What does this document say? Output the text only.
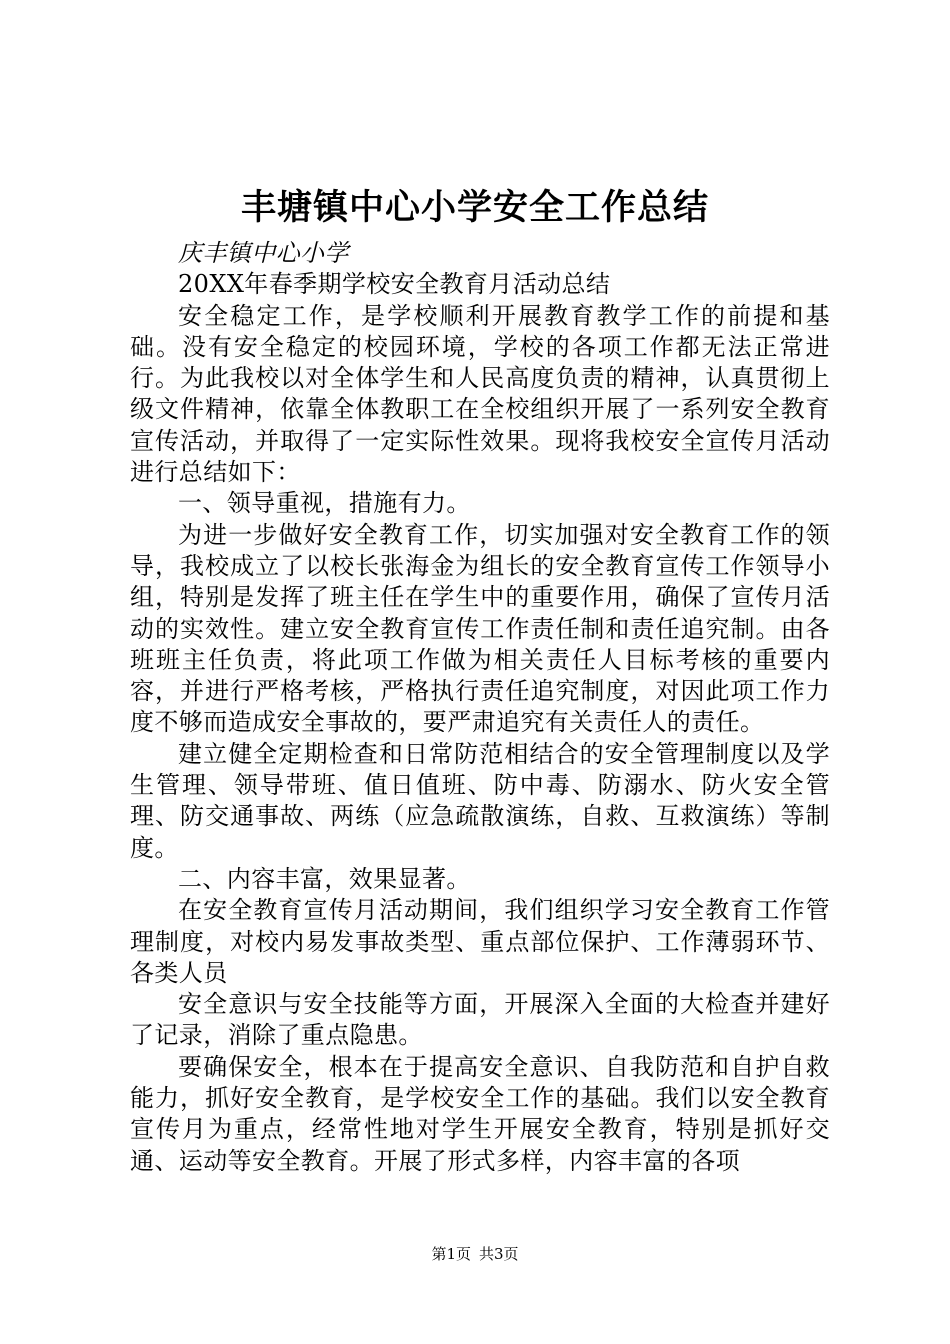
丰塘镇中心小学安全工作总结

庆丰镇中心小学

20XX年春季期学校安全教育月活动总结

安全稳定工作，是学校顺利开展教育教学工作的前提和基础。没有安全稳定的校园环境，学校的各项工作都无法正常进行。为此我校以对全体学生和人民高度负责的精神，认真贯彻上级文件精神，依靠全体教职工在全校组织开展了一系列安全教育宣传活动，并取得了一定实际性效果。现将我校安全宣传月活动进行总结如下：

一、领导重视，措施有力。

为进一步做好安全教育工作，切实加强对安全教育工作的领导，我校成立了以校长张海金为组长的安全教育宣传工作领导小组，特别是发挥了班主任在学生中的重要作用，确保了宣传月活动的实效性。建立安全教育宣传工作责任制和责任追究制。由各班班主任负责，将此项工作做为相关责任人目标考核的重要内容，并进行严格考核，严格执行责任追究制度，对因此项工作力度不够而造成安全事故的，要严肃追究有关责任人的责任。

建立健全定期检查和日常防范相结合的安全管理制度以及学生管理、领导带班、值日值班、防中毒、防溺水、防火安全管理、防交通事故、两练（应急疏散演练，自救、互救演练）等制度。

二、内容丰富，效果显著。

在安全教育宣传月活动期间，我们组织学习安全教育工作管理制度，对校内易发事故类型、重点部位保护、工作薄弱环节、各类人员

安全意识与安全技能等方面，开展深入全面的大检查并建好了记录，消除了重点隐患。

要确保安全，根本在于提高安全意识、自我防范和自护自救能力，抓好安全教育，是学校安全工作的基础。我们以安全教育宣传月为重点，经常性地对学生开展安全教育，特别是抓好交通、运动等安全教育。开展了形式多样，内容丰富的各项

第1页 共3页
